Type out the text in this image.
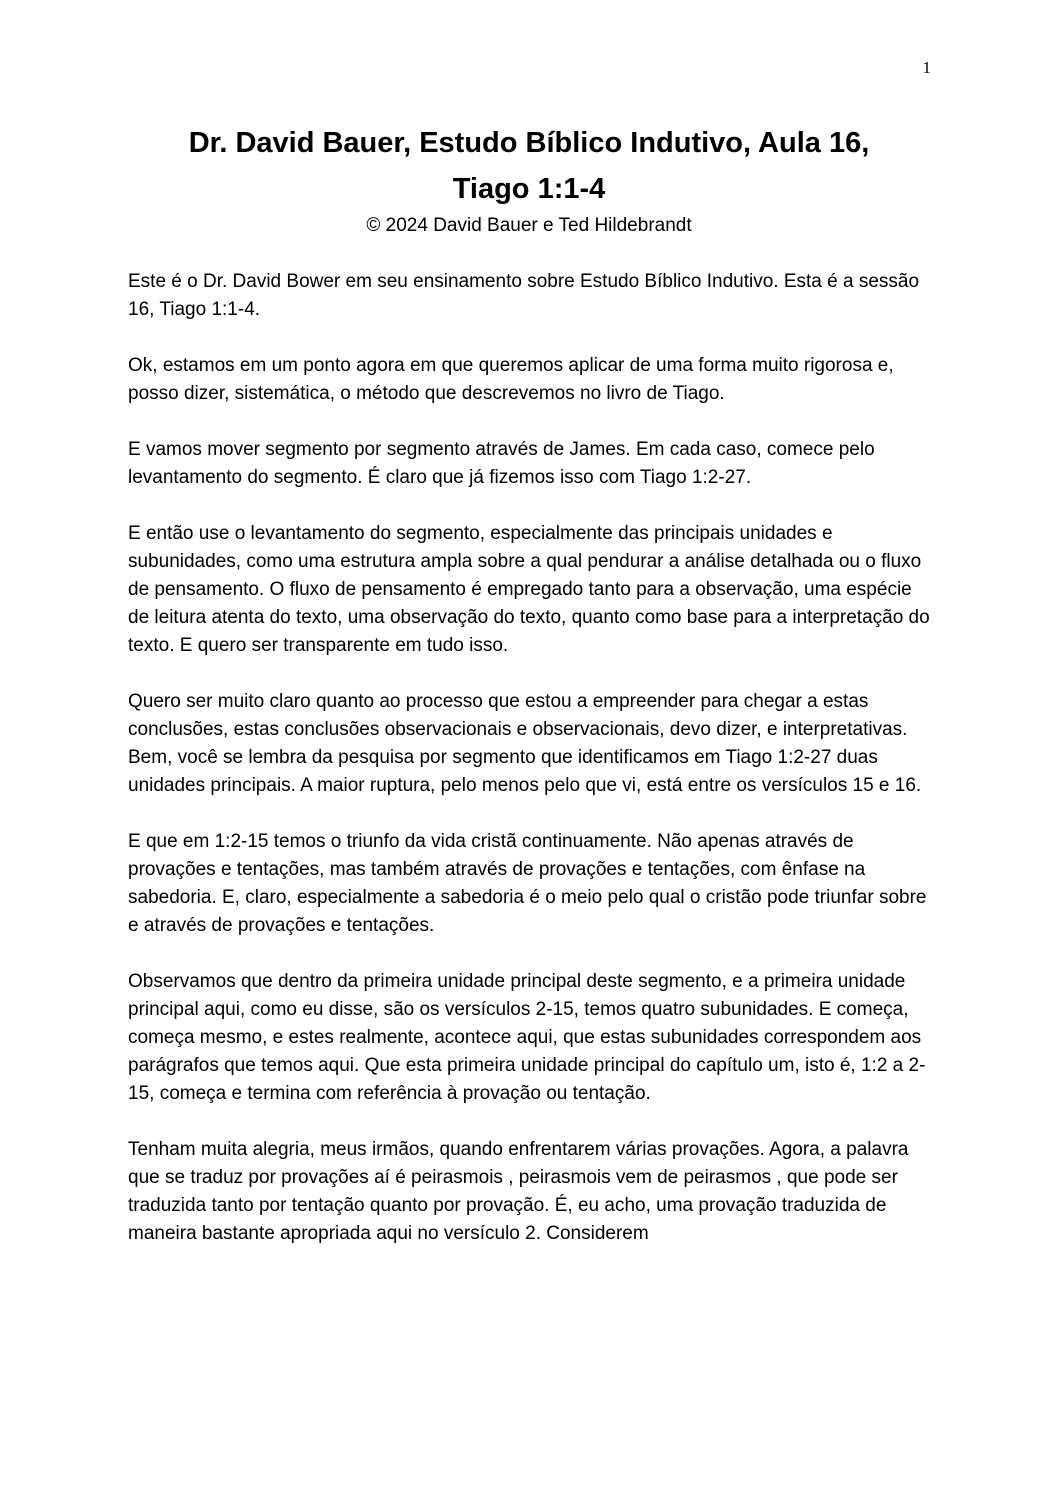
1
Dr. David Bauer, Estudo Bíblico Indutivo, Aula 16,
Tiago 1:1-4

© 2024 David Bauer e Ted Hildebrandt

Este é o Dr. David Bower em seu ensinamento sobre Estudo Bíblico Indutivo. Esta é a sessão 16, Tiago 1:1-4.

Ok, estamos em um ponto agora em que queremos aplicar de uma forma muito rigorosa e, posso dizer, sistemática, o método que descrevemos no livro de Tiago.

E vamos mover segmento por segmento através de James. Em cada caso, comece pelo levantamento do segmento. É claro que já fizemos isso com Tiago 1:2-27.

E então use o levantamento do segmento, especialmente das principais unidades e subunidades, como uma estrutura ampla sobre a qual pendurar a análise detalhada ou o fluxo de pensamento. O fluxo de pensamento é empregado tanto para a observação, uma espécie de leitura atenta do texto, uma observação do texto, quanto como base para a interpretação do texto. E quero ser transparente em tudo isso.

Quero ser muito claro quanto ao processo que estou a empreender para chegar a estas conclusões, estas conclusões observacionais e observacionais, devo dizer, e interpretativas. Bem, você se lembra da pesquisa por segmento que identificamos em Tiago 1:2-27 duas unidades principais. A maior ruptura, pelo menos pelo que vi, está entre os versículos 15 e 16.

E que em 1:2-15 temos o triunfo da vida cristã continuamente. Não apenas através de provações e tentações, mas também através de provações e tentações, com ênfase na sabedoria. E, claro, especialmente a sabedoria é o meio pelo qual o cristão pode triunfar sobre e através de provações e tentações.

Observamos que dentro da primeira unidade principal deste segmento, e a primeira unidade principal aqui, como eu disse, são os versículos 2-15, temos quatro subunidades. E começa, começa mesmo, e estes realmente, acontece aqui, que estas subunidades correspondem aos parágrafos que temos aqui. Que esta primeira unidade principal do capítulo um, isto é, 1:2 a 2-15, começa e termina com referência à provação ou tentação.

Tenham muita alegria, meus irmãos, quando enfrentarem várias provações. Agora, a palavra que se traduz por provações aí é peirasmois , peirasmois vem de peirasmos , que pode ser traduzida tanto por tentação quanto por provação. É, eu acho, uma provação traduzida de maneira bastante apropriada aqui no versículo 2. Considerem
